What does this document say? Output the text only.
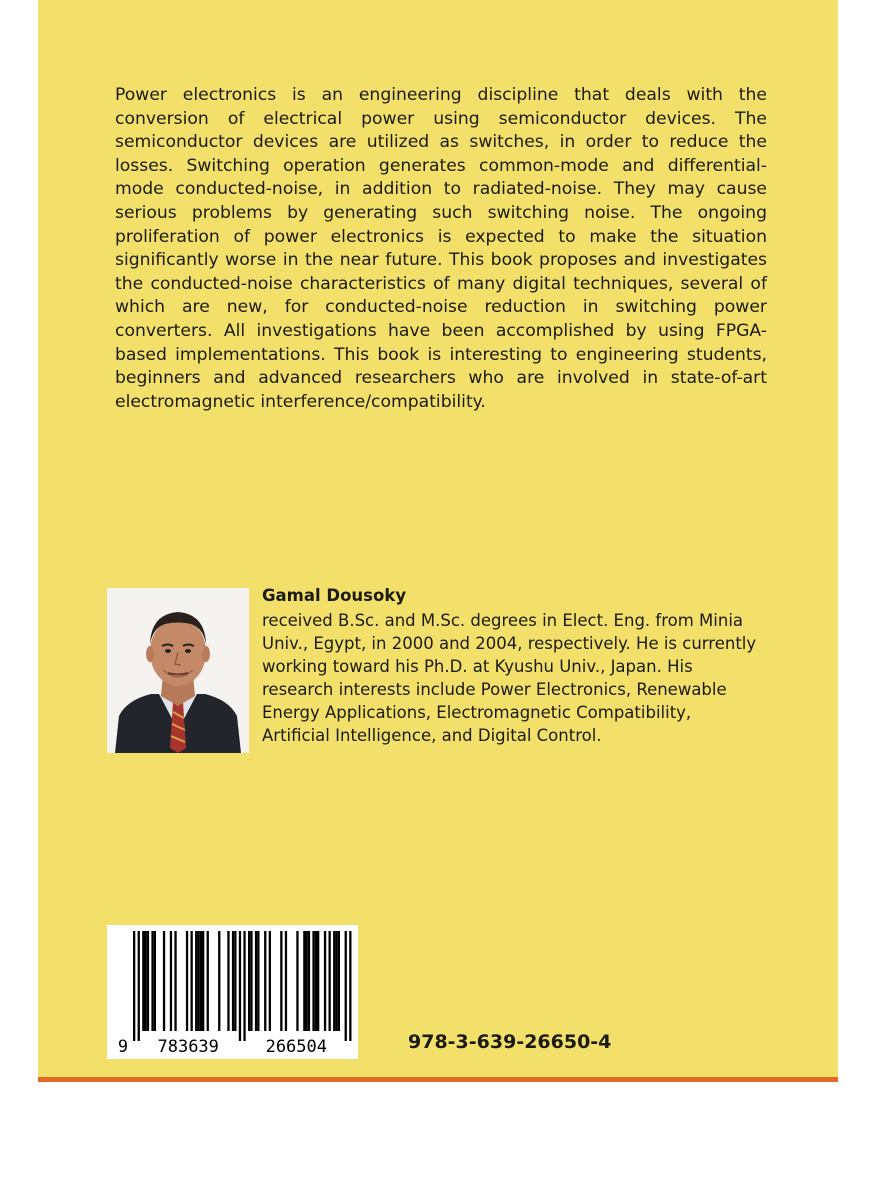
Power electronics is an engineering discipline that deals with the conversion of electrical power using semiconductor devices. The semiconductor devices are utilized as switches, in order to reduce the losses. Switching operation generates common-mode and differential-mode conducted-noise, in addition to radiated-noise. They may cause serious problems by generating such switching noise. The ongoing proliferation of power electronics is expected to make the situation significantly worse in the near future. This book proposes and investigates the conducted-noise characteristics of many digital techniques, several of which are new, for conducted-noise reduction in switching power converters. All investigations have been accomplished by using FPGA-based implementations. This book is interesting to engineering students, beginners and advanced researchers who are involved in state-of-art electromagnetic interference/compatibility.

Gamal Dousoky

received B.Sc. and M.Sc. degrees in Elect. Eng. from Minia
Univ., Egypt, in 2000 and 2004, respectively. He is currently
working toward his Ph.D. at Kyushu Univ., Japan. His
research interests include Power Electronics, Renewable
Energy Applications, Electromagnetic Compatibility,
Artificial Intelligence, and Digital Control.

9 783639	266504	978-3-639-26650-4
